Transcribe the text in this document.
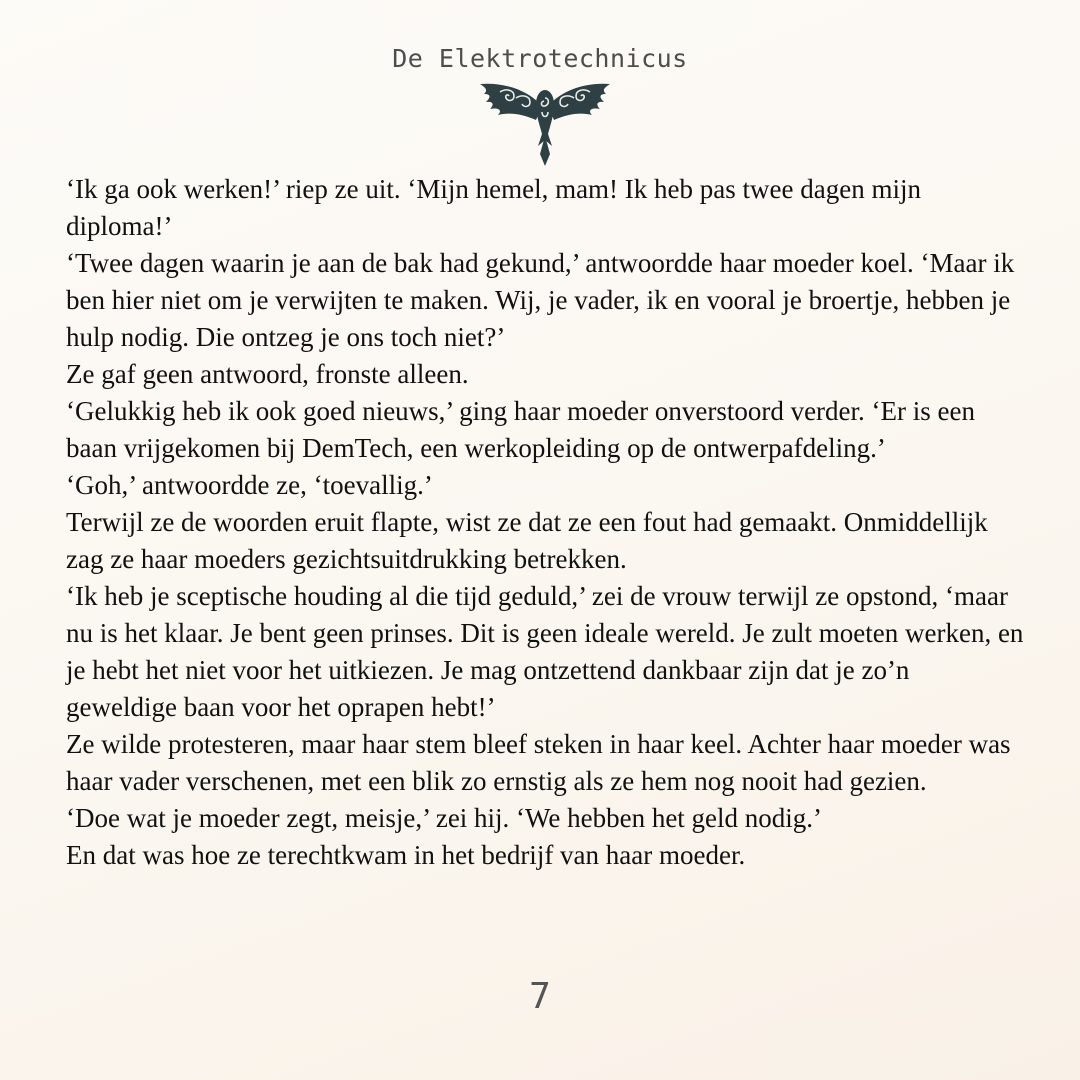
De Elektrotechnicus

‘Ik ga ook werken!’ riep ze uit. ‘Mijn hemel, mam! Ik heb pas twee dagen mijn diploma!’

‘Twee dagen waarin je aan de bak had gekund,’ antwoordde haar moeder koel. ‘Maar ik ben hier niet om je verwijten te maken. Wij, je vader, ik en vooral je broertje, hebben je hulp nodig. Die ontzeg je ons toch niet?’

Ze gaf geen antwoord, fronste alleen.

‘Gelukkig heb ik ook goed nieuws,’ ging haar moeder onverstoord verder. ‘Er is een baan vrijgekomen bij DemTech, een werkopleiding op de ontwerpafdeling.’

‘Goh,’ antwoordde ze, ‘toevallig.’

Terwijl ze de woorden eruit flapte, wist ze dat ze een fout had gemaakt. Onmiddellijk zag ze haar moeders gezichtsuitdrukking betrekken.

‘Ik heb je sceptische houding al die tijd geduld,’ zei de vrouw terwijl ze opstond, ‘maar nu is het klaar. Je bent geen prinses. Dit is geen ideale wereld. Je zult moeten werken, en je hebt het niet voor het uitkiezen. Je mag ontzettend dankbaar zijn dat je zo’n geweldige baan voor het oprapen hebt!’

Ze wilde protesteren, maar haar stem bleef steken in haar keel. Achter haar moeder was haar vader verschenen, met een blik zo ernstig als ze hem nog nooit had gezien.

‘Doe wat je moeder zegt, meisje,’ zei hij. ‘We hebben het geld nodig.’

En dat was hoe ze terechtkwam in het bedrijf van haar moeder.

7
